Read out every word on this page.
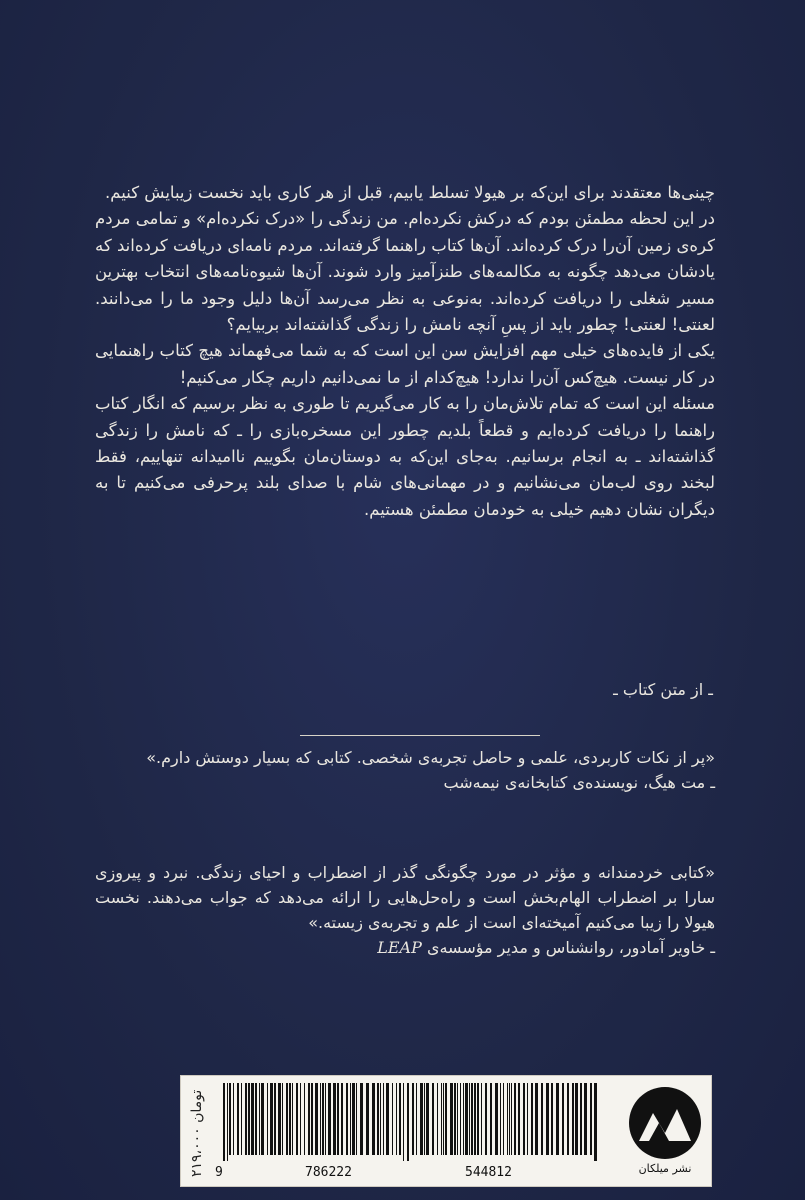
چینی‌ها معتقدند برای این‌که بر هیولا تسلط یابیم، قبل از هر کاری باید نخست زیبایش کنیم.

در این لحظه مطمئن بودم که درکش نکرده‌ام. من زندگی را «درک نکرده‌ام» و تمامی مردم کره‌ی زمین آن‌را درک کرده‌اند. آن‌ها کتاب راهنما گرفته‌اند. مردم نامه‌ای دریافت کرده‌اند که یادشان می‌دهد چگونه به مکالمه‌های طنزآمیز وارد شوند. آن‌ها شیوه‌نامه‌های انتخاب بهترین مسیر شغلی را دریافت کرده‌اند. به‌نوعی به نظر می‌رسد آن‌ها دلیل وجود ما را می‌دانند. لعنتی! لعنتی! چطور باید از پسِ آنچه نامش را زندگی گذاشته‌اند بربیایم؟

یکی از فایده‌های خیلی مهم افزایش سن این است که به شما می‌فهماند هیچ کتاب راهنمایی در کار نیست. هیچ‌کس آن‌را ندارد! هیچ‌کدام از ما نمی‌دانیم داریم چکار می‌کنیم!

مسئله این است که تمام تلاش‌مان را به کار می‌گیریم تا طوری به نظر برسیم که انگار کتاب راهنما را دریافت کرده‌ایم و قطعاً بلدیم چطور این مسخره‌بازی را ـ که نامش را زندگی گذاشته‌اند ـ به انجام برسانیم. به‌جای این‌که به دوستان‌مان بگوییم ناامیدانه تنهاییم، فقط لبخند روی لب‌مان می‌نشانیم و در مهمانی‌های شام با صدای بلند پرحرفی می‌کنیم تا به دیگران نشان دهیم خیلی به خودمان مطمئن هستیم.

ـ از متن کتاب ـ

«پر از نکات کاربردی، علمی و حاصل تجربه‌ی شخصی. کتابی که بسیار دوستش دارم.»

ـ مت هیگ، نویسنده‌ی کتابخانه‌ی نیمه‌شب

«کتابی خردمندانه و مؤثر در مورد چگونگی گذر از اضطراب و احیای زندگی. نبرد و پیروزی سارا بر اضطراب الهام‌بخش است و راه‌حل‌هایی را ارائه می‌دهد که جواب می‌دهند. نخست هیولا را زیبا می‌کنیم آمیخته‌ای است از علم و تجربه‌ی زیسته.»

ـ خاویر آمادور، روانشناس و مدیر مؤسسه‌ی LEAP

۲۱۹،۰۰۰ تومان
9	786222	544812	نشر میلکان
